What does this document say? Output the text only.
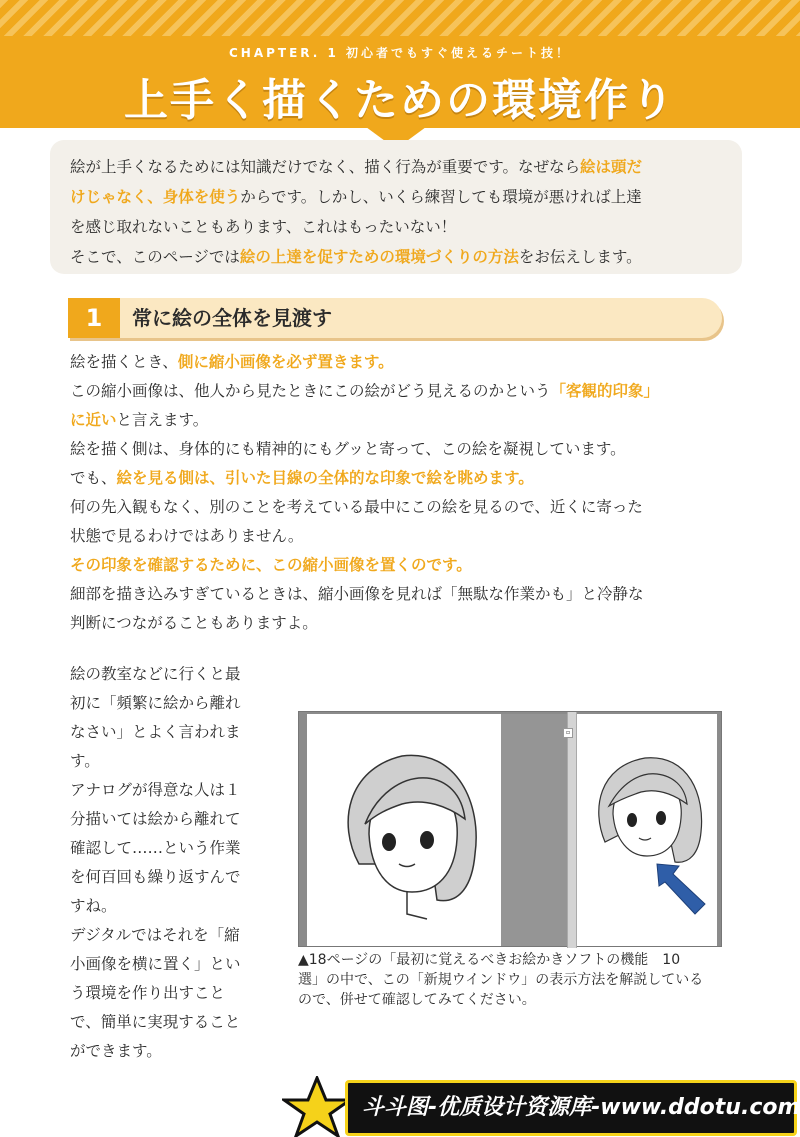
CHAPTER. 1 初心者でもすぐ使えるチート技！
上手く描くための環境作り

絵が上手くなるためには知識だけでなく、描く行為が重要です。なぜなら絵は頭だ

けじゃなく、身体を使うからです。しかし、いくら練習しても環境が悪ければ上達

を感じ取れないこともあります、これはもったいない！

そこで、このページでは絵の上達を促すための環境づくりの方法をお伝えします。

1	常に絵の全体を見渡す

絵を描くとき、側に縮小画像を必ず置きます。

この縮小画像は、他人から見たときにこの絵がどう見えるのかという「客観的印象」

に近いと言えます。

絵を描く側は、身体的にも精神的にもグッと寄って、この絵を凝視しています。

でも、絵を見る側は、引いた目線の全体的な印象で絵を眺めます。

何の先入観もなく、別のことを考えている最中にこの絵を見るので、近くに寄った

状態で見るわけではありません。

その印象を確認するために、この縮小画像を置くのです。

細部を描き込みすぎているときは、縮小画像を見れば「無駄な作業かも」と冷静な

判断につながることもありますよ。

絵の教室などに行くと最

初に「頻繁に絵から離れ

なさい」とよく言われま

す。

アナログが得意な人は１

分描いては絵から離れて

確認して……という作業

を何百回も繰り返すんで

すね。

デジタルではそれを「縮

小画像を横に置く」とい

う環境を作り出すこと

で、簡単に実現すること

ができます。

▫

▲18ページの「最初に覚えるべきお絵かきソフトの機能　10

選」の中で、この「新規ウインドウ」の表示方法を解説している

ので、併せて確認してみてください。

斗斗图-优质设计资源库-www.ddotu.com
